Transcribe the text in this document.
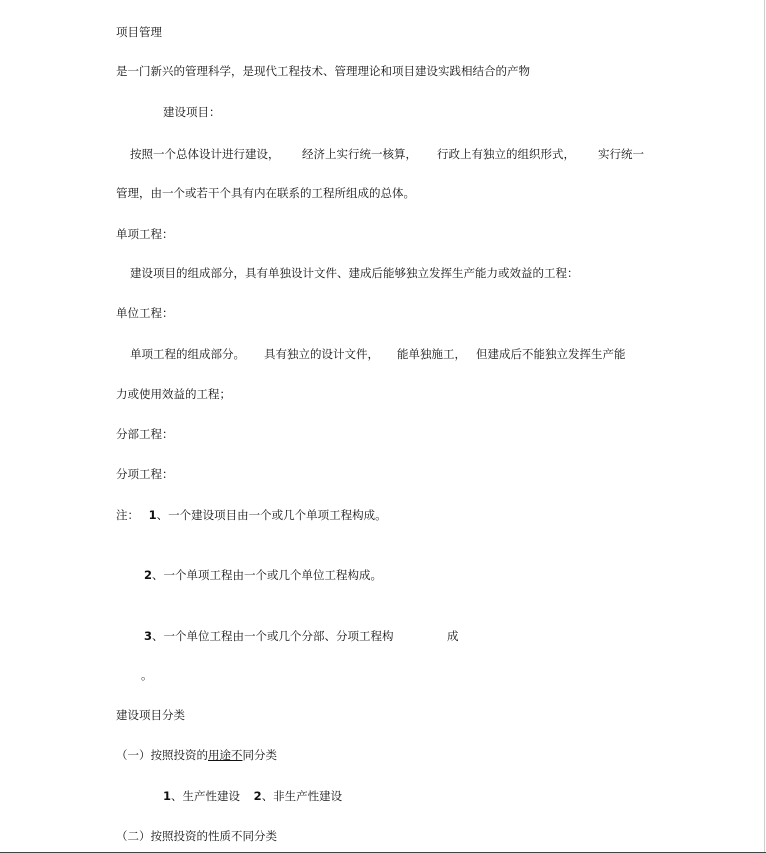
项目管理
是一门新兴的管理科学，是现代工程技术、管理理论和项目建设实践相结合的产物
建设项目：
按照一个总体设计进行建设， 经济上实行统一核算， 行政上有独立的组织形式， 实行统一
管理，由一个或若干个具有内在联系的工程所组成的总体。
单项工程：
建设项目的组成部分，具有单独设计文件、建成后能够独立发挥生产能力或效益的工程：
单位工程：
单项工程的组成部分。 具有独立的设计文件， 能单独施工， 但建成后不能独立发挥生产能
力或使用效益的工程；
分部工程：
分项工程：
注： 1、一个建设项目由一个或几个单项工程构成。
2、一个单项工程由一个或几个单位工程构成。
3、一个单位工程由一个或几个分部、分项工程构	成
。
建设项目分类
（一）按照投资的用途不同分类
1、生产性建设 2、非生产性建设
（二）按照投资的性质不同分类
